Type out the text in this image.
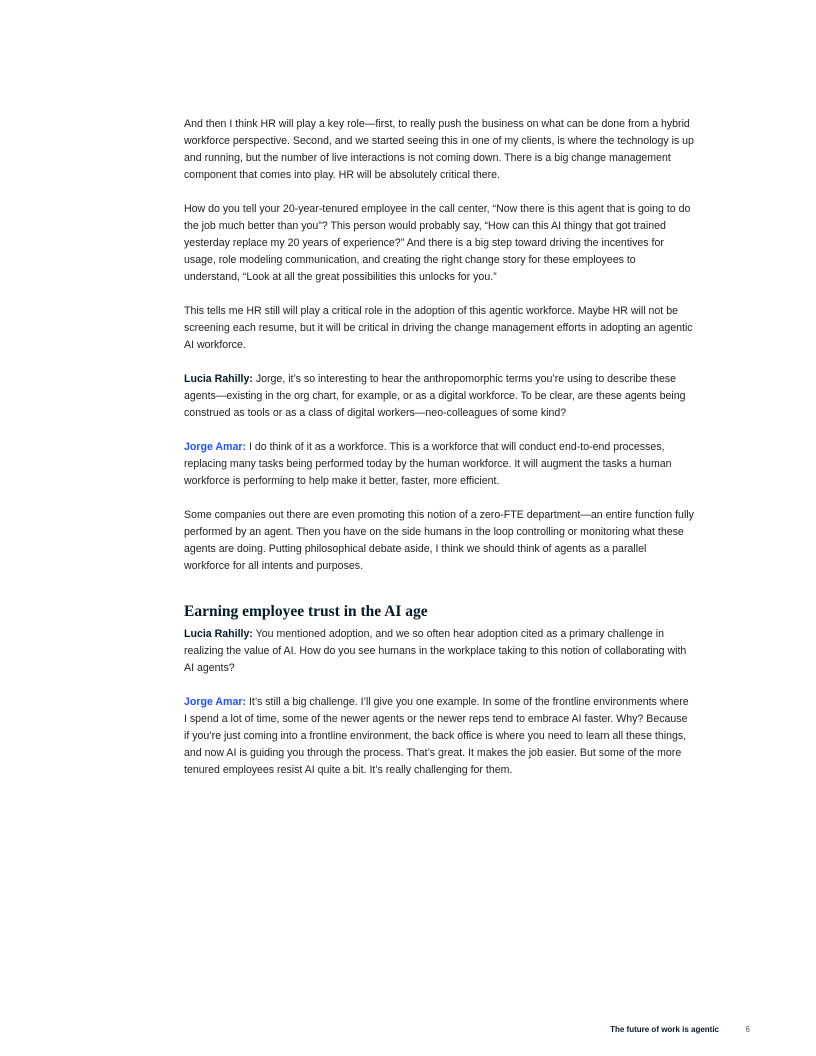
And then I think HR will play a key role—first, to really push the business on what can be done from a hybrid workforce perspective. Second, and we started seeing this in one of my clients, is where the technology is up and running, but the number of live interactions is not coming down. There is a big change management component that comes into play. HR will be absolutely critical there.

How do you tell your 20-year-tenured employee in the call center, “Now there is this agent that is going to do the job much better than you”? This person would probably say, “How can this AI thingy that got trained yesterday replace my 20 years of experience?” And there is a big step toward driving the incentives for usage, role modeling communication, and creating the right change story for these employees to understand, “Look at all the great possibilities this unlocks for you.”

This tells me HR still will play a critical role in the adoption of this agentic workforce. Maybe HR will not be screening each resume, but it will be critical in driving the change management efforts in adopting an agentic AI workforce.

Lucia Rahilly: Jorge, it’s so interesting to hear the anthropomorphic terms you’re using to describe these agents—existing in the org chart, for example, or as a digital workforce. To be clear, are these agents being construed as tools or as a class of digital workers—neo-colleagues of some kind?

Jorge Amar: I do think of it as a workforce. This is a workforce that will conduct end-to-end processes, replacing many tasks being performed today by the human workforce. It will augment the tasks a human workforce is performing to help make it better, faster, more efficient.

Some companies out there are even promoting this notion of a zero-FTE department—an entire function fully performed by an agent. Then you have on the side humans in the loop controlling or monitoring what these agents are doing. Putting philosophical debate aside, I think we should think of agents as a parallel workforce for all intents and purposes.

Earning employee trust in the AI age

Lucia Rahilly: You mentioned adoption, and we so often hear adoption cited as a primary challenge in realizing the value of AI. How do you see humans in the workplace taking to this notion of collaborating with AI agents?

Jorge Amar: It’s still a big challenge. I’ll give you one example. In some of the frontline environments where I spend a lot of time, some of the newer agents or the newer reps tend to embrace AI faster. Why? Because if you’re just coming into a frontline environment, the back office is where you need to learn all these things, and now AI is guiding you through the process. That’s great. It makes the job easier. But some of the more tenured employees resist AI quite a bit. It’s really challenging for them.

The future of work is agentic	6
